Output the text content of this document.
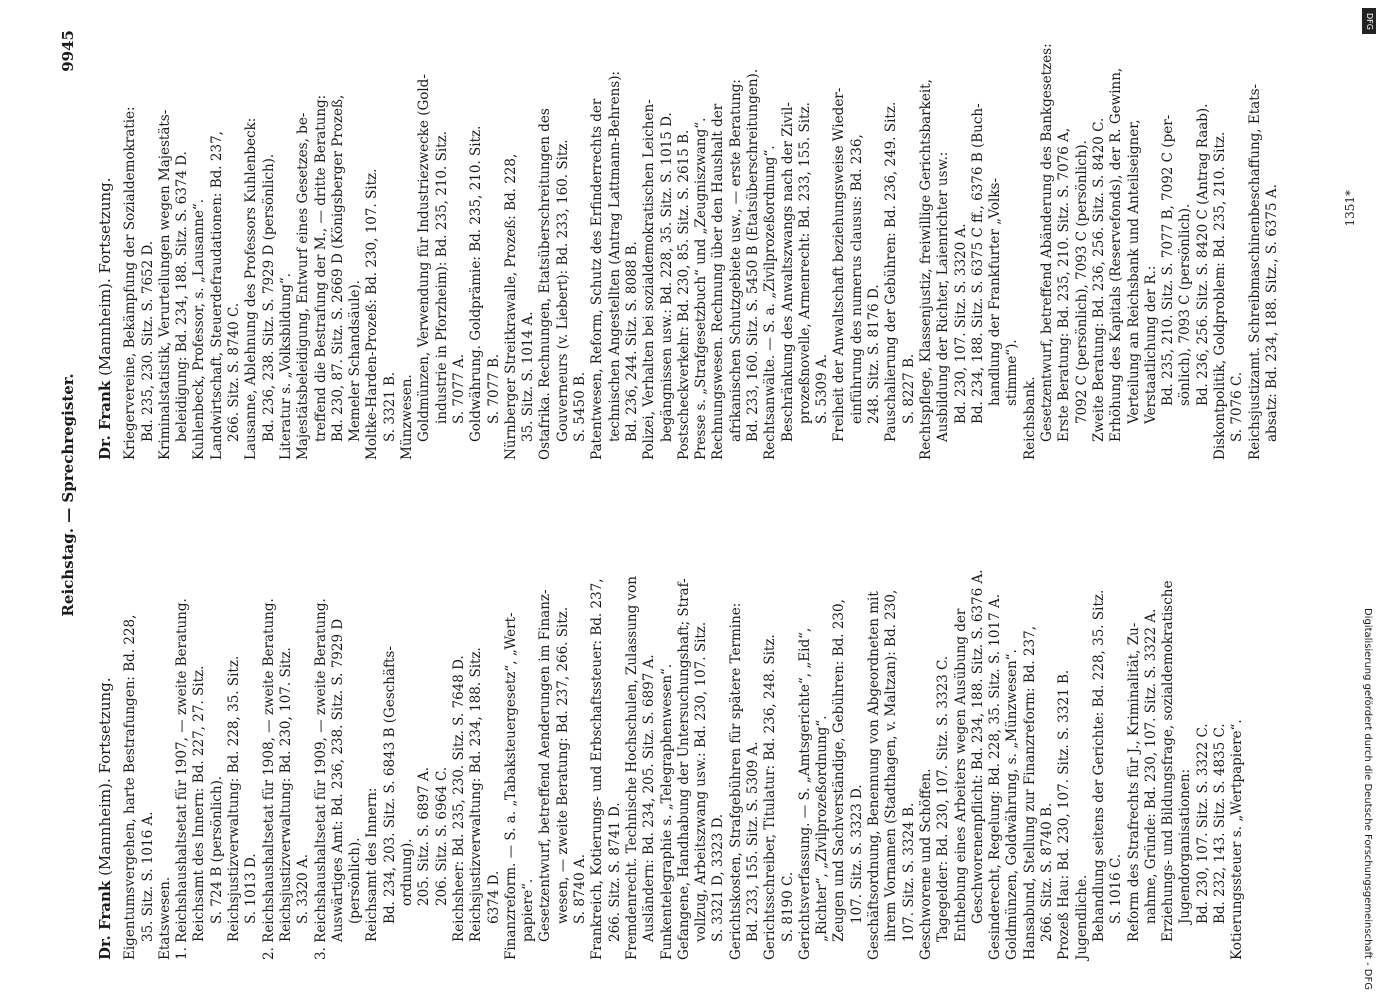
Reichstag. — Sprechregister.
9945
Dr. Frank (Mannheim). Fortsetzung. Eigentumsvergehen, harte Bestrafungen: Bd. 228, 35. Sitz. S. 1016 A. Etatswesen. 1. Reichshaushaltsetat für 1907, — zweite Beratung. Reichsamt des Innern: Bd. 227, 27. Sitz. S. 724 B (persönlich). Reichsjustizverwaltung: Bd. 228, 35. Sitz. S. 1013 D. 2. Reichshaushaltsetat für 1908, — zweite Beratung. Reichsjustizverwaltung: Bd. 230, 107. Sitz. S. 3320 A. 3. Reichshaushaltsetat für 1909, — zweite Beratung. Auswärtiges Amt: Bd. 236, 238. Sitz. S. 7929 D (persönlich). Reichsamt des Innern: Bd. 234, 203. Sitz. S. 6843 B (Geschäfts- ordnung). 205. Sitz. S. 6897 A. 206. Sitz. S. 6964 C. Reichsheer: Bd. 235, 230. Sitz. S. 7648 D. Reichsjustizverwaltung: Bd. 234, 188. Sitz. 6374 D. Finanzreform. — S. a. „Tabaksteuergesetz“, „Wert- papiere“. Gesetzentwurf, betreffend Aenderungen im Finanz- wesen, — zweite Beratung: Bd. 237, 266. Sitz. S. 8740 A. Frankreich, Kotierungs- und Erbschaftssteuer: Bd. 237, 266. Sitz. S. 8741 D. Fremdenrecht. Technische Hochschulen, Zulassung von Ausländern: Bd. 234, 205. Sitz. S. 6897 A. Funkentelegraphie s. „Telegraphenwesen“. Gefangene, Handhabung der Untersuchungshaft; Straf- vollzug, Arbeitszwang usw.: Bd. 230, 107. Sitz. S. 3321 D, 3323 D. Gerichtskosten, Strafgebühren für spätere Termine: Bd. 233, 155. Sitz. S. 5309 A. Gerichtsschreiber, Titulatur: Bd. 236, 248. Sitz. S. 8190 C. Gerichtsverfassung. — S. „Amtsgerichte“, „Eid“, „Richter“, „Zivilprozeßordnung“. Zeugen und Sachverständige, Gebühren: Bd. 230, 107. Sitz. S. 3323 D. Geschäftsordnung, Benennung von Abgeordneten mit ihrem Vornamen (Stadthagen, v. Maltzan): Bd. 230, 107. Sitz. S. 3324 B. Geschworene und Schöffen. Tagegelder: Bd. 230, 107. Sitz. S. 3323 C. Enthebung eines Arbeiters wegen Ausübung der Geschworenenpflicht: Bd. 234, 188. Sitz. S. 6376 A. Gesinderecht, Regelung: Bd. 228, 35. Sitz. S. 1017 A. Goldmünzen, Goldwährung, s. „Münzwesen“. Hansabund, Stellung zur Finanzreform: Bd. 237, 266. Sitz. S. 8740 B. Prozeß Hau: Bd. 230, 107. Sitz. S. 3321 B. Jugendliche. Behandlung seitens der Gerichte: Bd. 228, 35. Sitz. S. 1016 C. Reform des Strafrechts für J., Kriminalität, Zu- nahme, Gründe: Bd. 230, 107. Sitz. S. 3322 A. Erziehungs- und Bildungsfrage, sozialdemokratische Jugendorganisationen: Bd. 230, 107. Sitz. S. 3322 C. Bd. 232, 143. Sitz. S. 4835 C. Kotierungssteuer s. „Wertpapiere“.

Dr. Frank (Mannheim). Fortsetzung. Kriegervereine, Bekämpfung der Sozialdemokratie: Bd. 235, 230. Sitz. S. 7652 D. Kriminalstatistik, Verurteilungen wegen Majestäts- beleidigung: Bd. 234, 188. Sitz. S. 6374 D. Kuhlenbeck, Professor, s. „Lausanne“. Landwirtschaft, Steuerdefraudationen: Bd. 237, 266. Sitz. S. 8740 C. Lausanne, Ablehnung des Professors Kuhlenbeck: Bd. 236, 238. Sitz. S. 7929 D (persönlich). Literatur s. „Volksbildung“. Majestätsbeleidigung, Entwurf eines Gesetzes, be- treffend die Bestrafung der M., — dritte Beratung: Bd. 230, 87. Sitz. S. 2669 D (Königsberger Prozeß, Memeler Schandsäule). Moltke-Harden-Prozeß: Bd. 230, 107. Sitz. S. 3321 B. Münzwesen. Goldmünzen, Verwendung für Industriezwecke (Gold- industrie in Pforzheim): Bd. 235, 210. Sitz. S. 7077 A. Goldwährung. Goldprämie: Bd. 235, 210. Sitz. S. 7077 B. Nürnberger Streitkrawalle, Prozeß: Bd. 228, 35. Sitz. S. 1014 A. Ostafrika. Rechnungen, Etatsüberschreitungen des Gouverneurs (v. Liebert): Bd. 233, 160. Sitz. S. 5450 B. Patentwesen, Reform, Schutz des Erfinderrechts der technischen Angestellten (Antrag Lattmann-Behrens): Bd. 236, 244. Sitz. S. 8088 B. Polizei, Verhalten bei sozialdemokratischen Leichen- begängnissen usw.: Bd. 228, 35. Sitz. S. 1015 D. Postscheckverkehr: Bd. 230, 85. Sitz. S. 2615 B. Presse s. „Strafgesetzbuch“ und „Zeugniszwang“. Rechnungswesen. Rechnung über den Haushalt der afrikanischen Schutzgebiete usw., — erste Beratung: Bd. 233, 160. Sitz. S. 5450 B (Etatsüberschreitungen). Rechtsanwälte. — S. a. „Zivilprozeßordnung“. Beschränkung des Anwaltszwangs nach der Zivil- prozeßnovelle, Armenrecht: Bd. 233, 155. Sitz. S. 5309 A. Freiheit der Anwaltschaft beziehungsweise Wieder- einführung des numerus clausus: Bd. 236, 248. Sitz. S. 8176 D. Pauschalierung der Gebühren: Bd. 236, 249. Sitz. S. 8227 B. Rechtspflege, Klassenjustiz, freiwillige Gerichtsbarkeit, Ausbildung der Richter, Laienrichter usw.: Bd. 230, 107. Sitz. S. 3320 A. Bd. 234, 188. Sitz. S. 6375 C ff., 6376 B (Buch- handlung der Frankfurter „Volks- stimme“).

Reichsbank. Gesetzentwurf, betreffend Abänderung des Bankgesetzes: Erste Beratung: Bd. 235, 210. Sitz. S. 7076 A, 7092 C (persönlich), 7093 C (persönlich). Zweite Beratung: Bd. 236, 256. Sitz. S. 8420 C. Erhöhung des Kapitals (Reservefonds), der R. Gewinn, Verteilung an Reichsbank und Anteilseigner, Verstaatlichung der R.: Bd. 235, 210. Sitz. S. 7077 B, 7092 C (per- sönlich), 7093 C (persönlich). Bd. 236, 256. Sitz. S. 8420 C (Antrag Raab). Diskontpolitik, Goldproblem: Bd. 235, 210. Sitz. S. 7076 C. Reichsjustizamt. Schreibmaschinenbeschaffung, Etats- absatz: Bd. 234, 188. Sitz., S. 6375 A.	1351*
Digitalisierung gefördert durch die Deutsche Forschungsgemeinschaft - DFG
DFG
